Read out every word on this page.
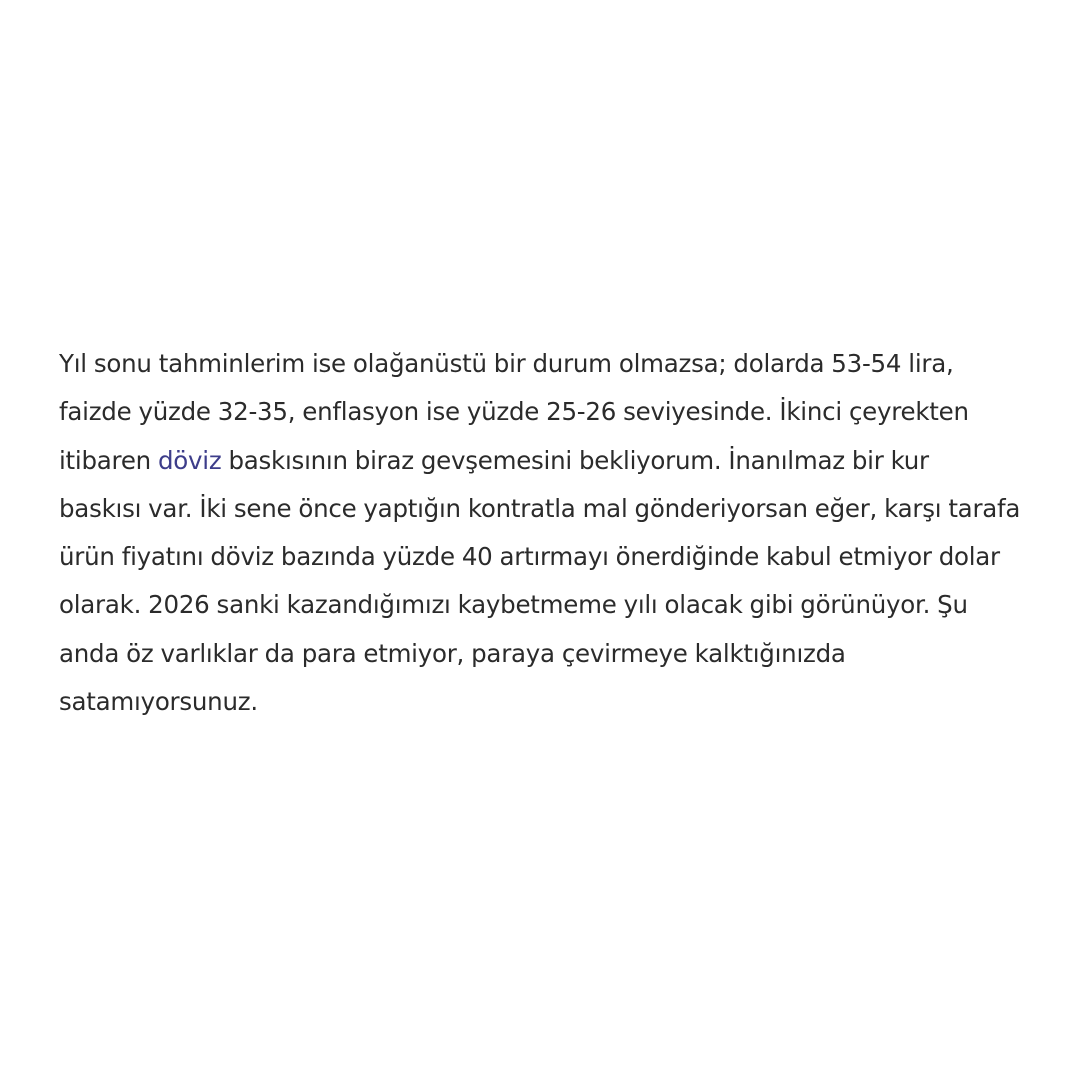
Yıl sonu tahminlerim ise olağanüstü bir durum olmazsa; dolarda 53-54 lira,
faizde yüzde 32-35, enflasyon ise yüzde 25-26 seviyesinde. İkinci çeyrekten
itibaren döviz baskısının biraz gevşemesini bekliyorum. İnanılmaz bir kur
baskısı var. İki sene önce yaptığın kontratla mal gönderiyorsan eğer, karşı tarafa
ürün fiyatını döviz bazında yüzde 40 artırmayı önerdiğinde kabul etmiyor dolar
olarak. 2026 sanki kazandığımızı kaybetmeme yılı olacak gibi görünüyor. Şu
anda öz varlıklar da para etmiyor, paraya çevirmeye kalktığınızda
satamıyorsunuz.
